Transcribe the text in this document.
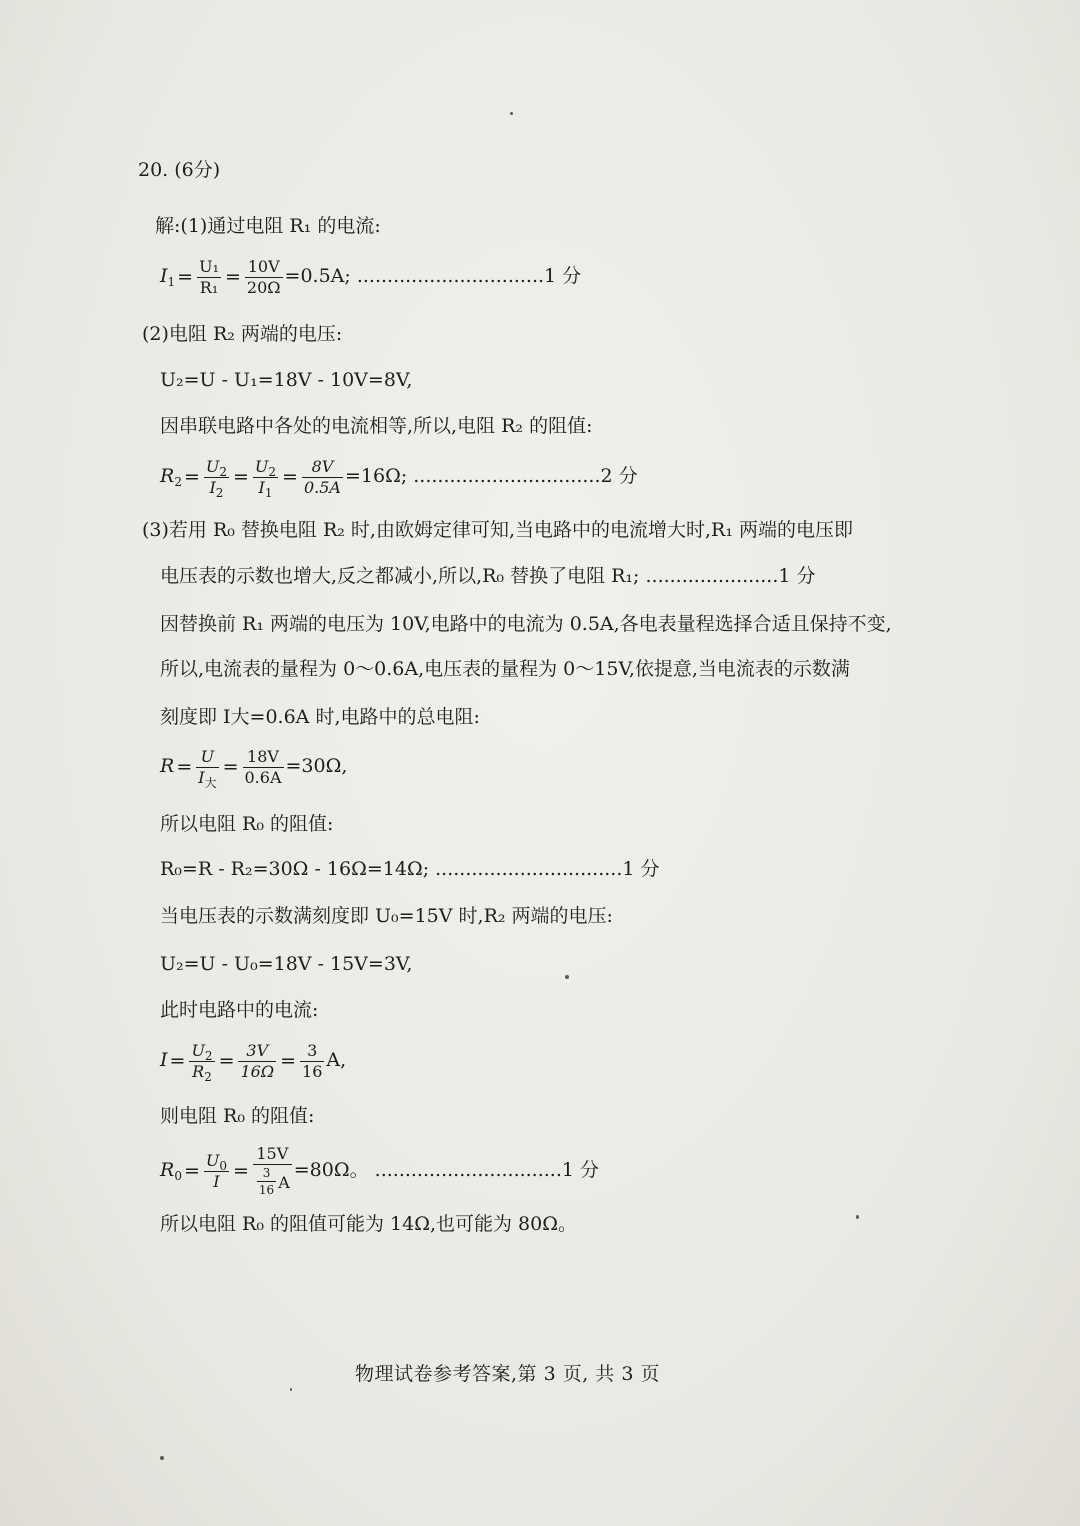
20. (6分)
解:(1)通过电阻 R₁ 的电流:
$I_1 = \frac{\text{U₁}}{\text{R₁}} = \frac{10V}{20\Omega} =0.5A$; ...............................1 分
(2)电阻 R₂ 两端的电压:
U₂=U - U₁=18V - 10V=8V,
因串联电路中各处的电流相等,所以,电阻 R₂ 的阻值:
$R_2 = \frac{U_2}{I_2} = \frac{U_2}{I_1} = \frac{8V}{0.5A} =16\Omega$; ...............................2 分
(3)若用 R₀ 替换电阻 R₂ 时,由欧姆定律可知,当电路中的电流增大时,R₁ 两端的电压即
电压表的示数也增大,反之都减小,所以,R₀ 替换了电阻 R₁; ......................1 分
因替换前 R₁ 两端的电压为 10V,电路中的电流为 0.5A,各电表量程选择合适且保持不变,
所以,电流表的量程为 0～0.6A,电压表的量程为 0～15V,依提意,当电流表的示数满
刻度即 I大=0.6A 时,电路中的总电阻:
$R = \frac{U}{I_大} = \frac{18V}{0.6A} =30\Omega$,
所以电阻 R₀ 的阻值:
R₀=R - R₂=30Ω - 16Ω=14Ω; ...............................1 分
当电压表的示数满刻度即 U₀=15V 时,R₂ 两端的电压:
U₂=U - U₀=18V - 15V=3V,
此时电路中的电流:
$I = \frac{U_2}{R_2} = \frac{3V}{16\Omega} = \frac{3}{16} A$,
则电阻 R₀ 的阻值:
$R_0 = \frac{U_0}{I} = \frac{15V}{\frac{3}{16} A} =80\Omega$。 ...............................1 分
所以电阻 R₀ 的阻值可能为 14Ω,也可能为 80Ω。
物理试卷参考答案,第 3 页, 共 3 页
